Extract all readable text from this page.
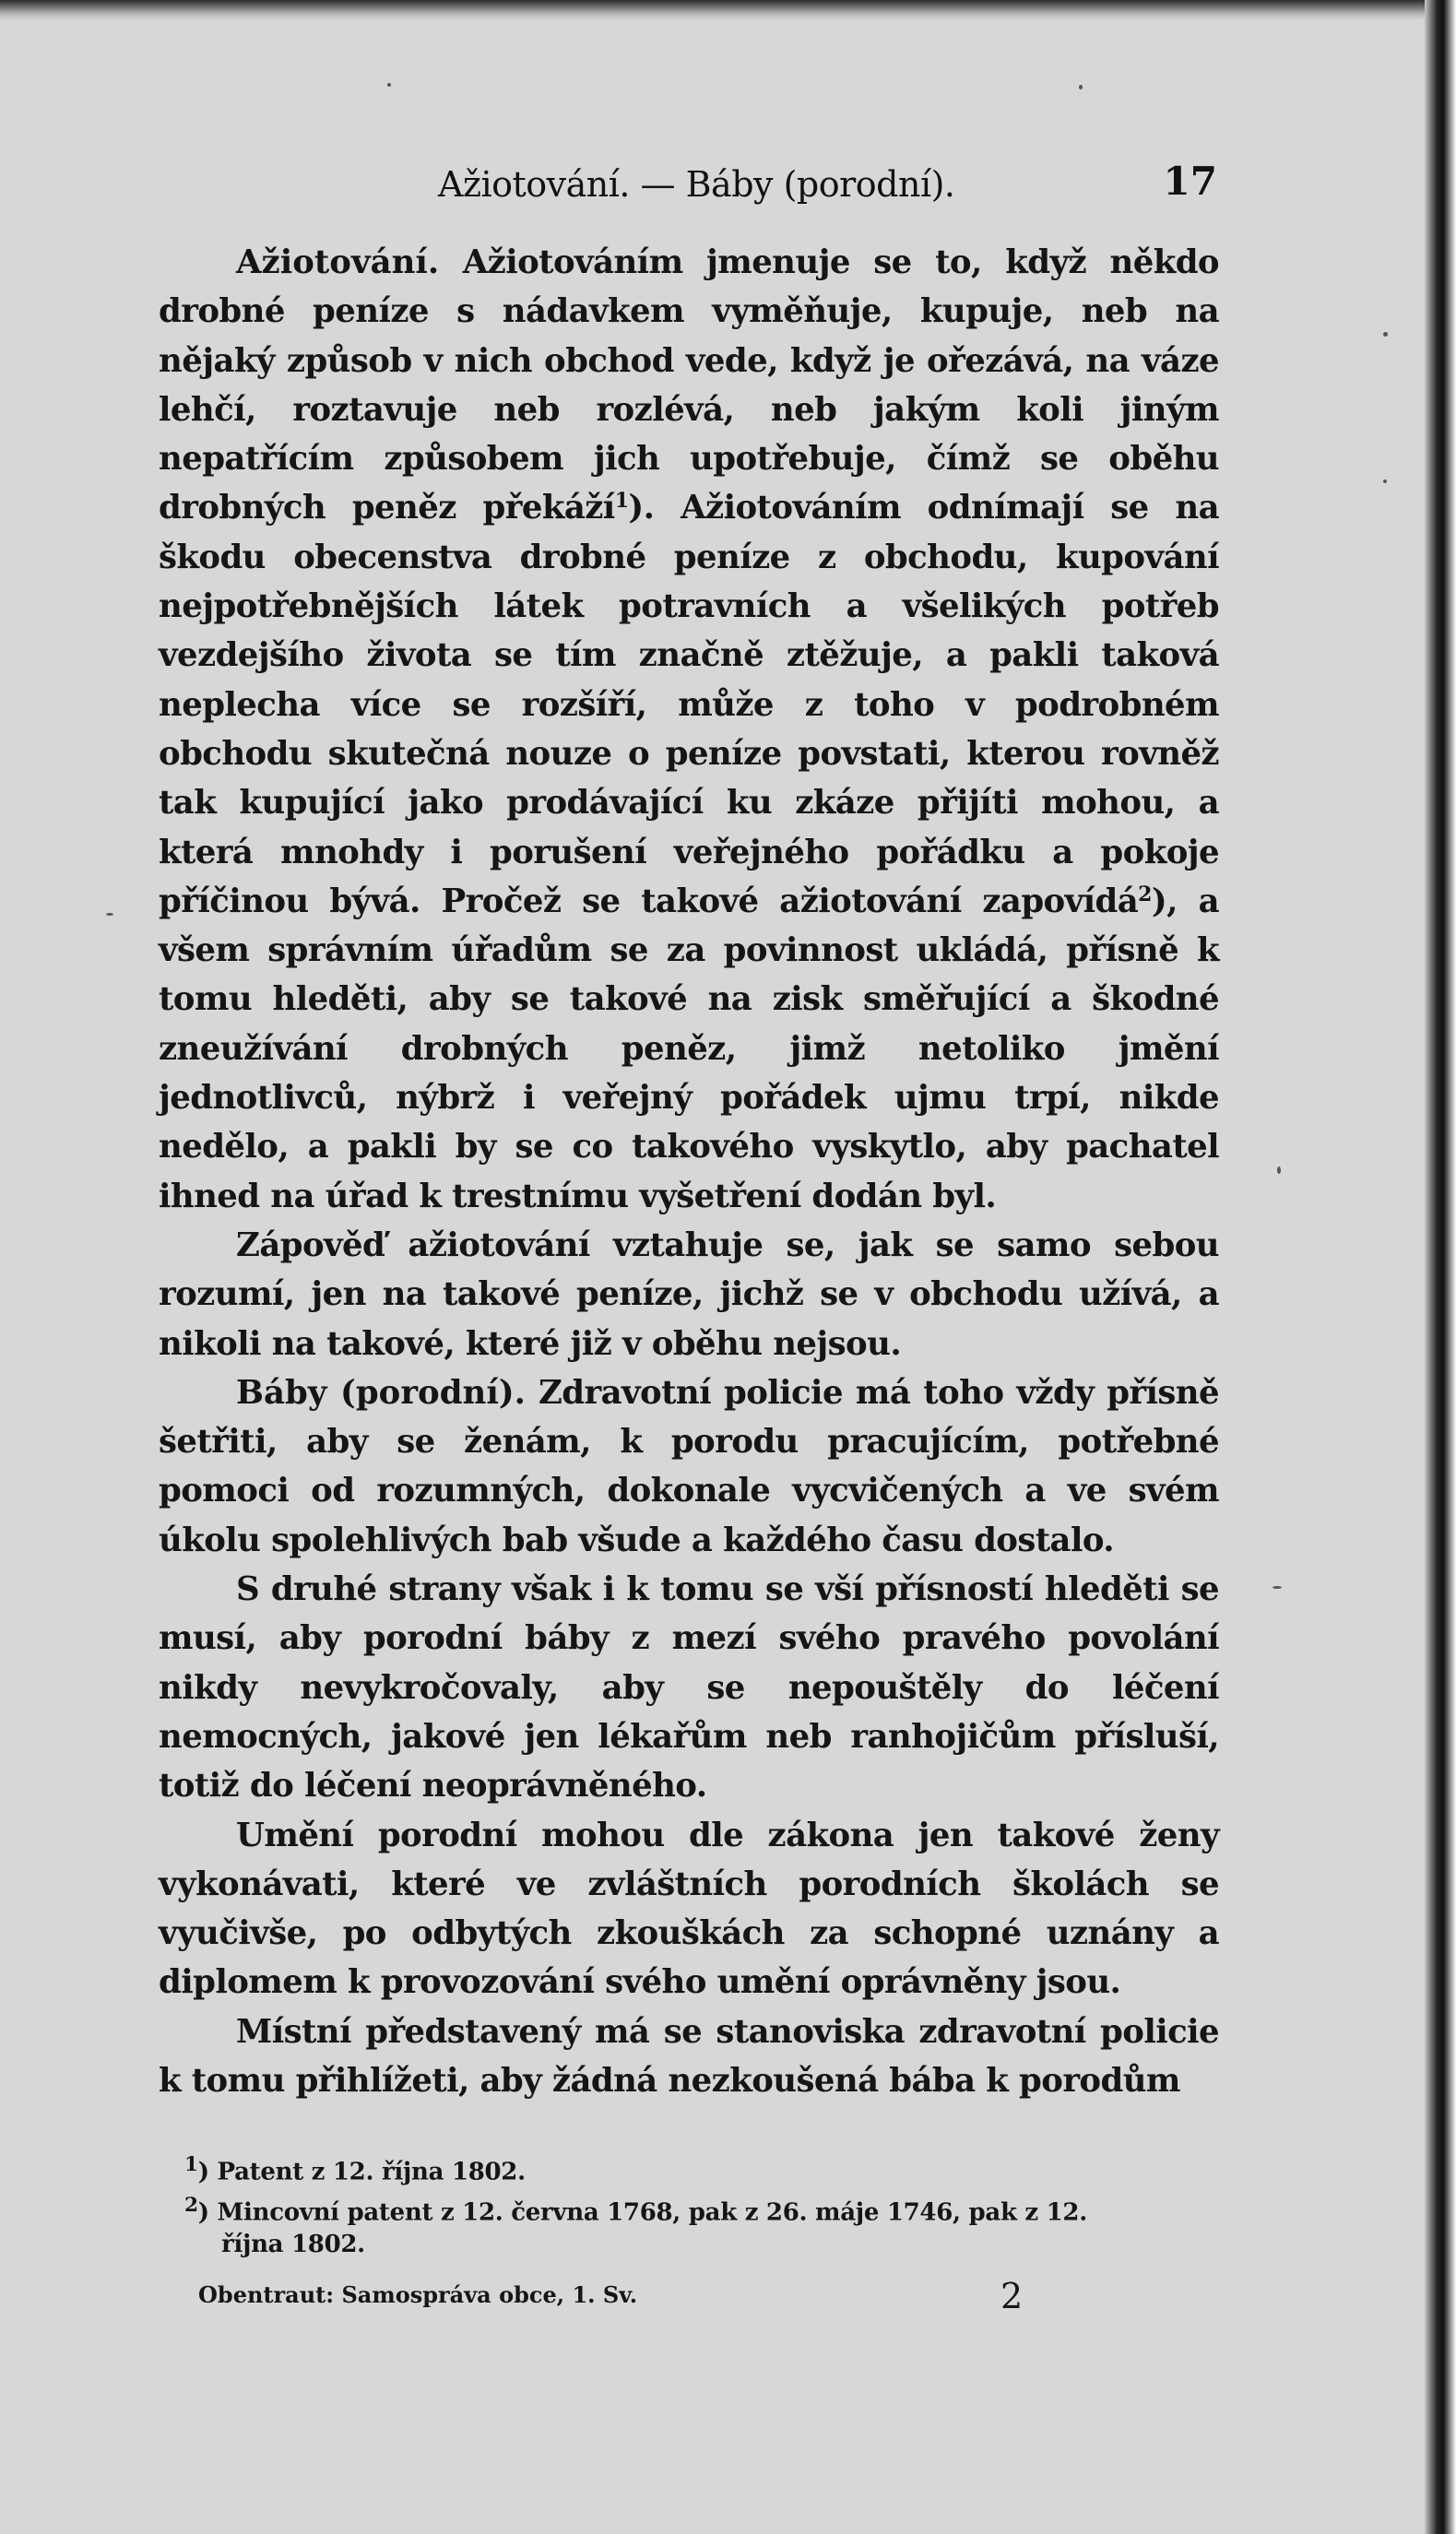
Ažiotování. — Báby (porodní).	17

Ažiotování. Ažiotováním jmenuje se to, když někdo drobné peníze s nádavkem vyměňuje, kupuje, neb na nějaký způsob v nich obchod vede, když je ořezává, na váze lehčí, roztavuje neb rozlévá, neb jakým koli jiným nepatřícím způsobem jich upotřebuje, čímž se oběhu drobných peněz překáží$^1$). Ažiotováním odnímají se na škodu obecenstva drobné peníze z obchodu, kupování nejpotřebnějších látek potravních a všelikých potřeb vezdejšího života se tím značně ztěžuje, a pakli taková neplecha více se rozšíří, může z toho v podrobném obchodu skutečná nouze o peníze povstati, kterou rovněž tak kupující jako prodávající ku zkáze přijíti mohou, a která mnohdy i porušení veřejného pořádku a pokoje příčinou bývá. Pročež se takové ažiotování zapovídá$^2$), a všem správním úřadům se za povinnost ukládá, přísně k tomu hleděti, aby se takové na zisk směřující a škodné zneužívání drobných peněz, jimž netoliko jmění jednotlivců, nýbrž i veřejný pořádek ujmu trpí, nikde nedělo, a pakli by se co takového vyskytlo, aby pachatel ihned na úřad k trestnímu vyšetření dodán byl.

Zápověď ažiotování vztahuje se, jak se samo sebou rozumí, jen na takové peníze, jichž se v obchodu užívá, a nikoli na takové, které již v oběhu nejsou.

Báby (porodní). Zdravotní policie má toho vždy přísně šetřiti, aby se ženám, k porodu pracujícím, potřebné pomoci od rozumných, dokonale vycvičených a ve svém úkolu spolehlivých bab všude a každého času dostalo.

S druhé strany však i k tomu se vší přísností hleděti se musí, aby porodní báby z mezí svého pravého povolání nikdy nevykročovaly, aby se nepouštěly do léčení nemocných, jakové jen lékařům neb ranhojičům přísluší, totiž do léčení neoprávněného.

Umění porodní mohou dle zákona jen takové ženy vykonávati, které ve zvláštních porodních školách se vyučivše, po odbytých zkouškách za schopné uznány a diplomem k provozování svého umění oprávněny jsou.

Místní představený má se stanoviska zdravotní policie k tomu přihlížeti, aby žádná nezkoušená bába k porodům

$^1$) Patent z 12. října 1802.

$^2$) Mincovní patent z 12. června 1768, pak z 26. máje 1746, pak z 12.

října 1802.

Obentraut: Samospráva obce, 1. Sv.	2
